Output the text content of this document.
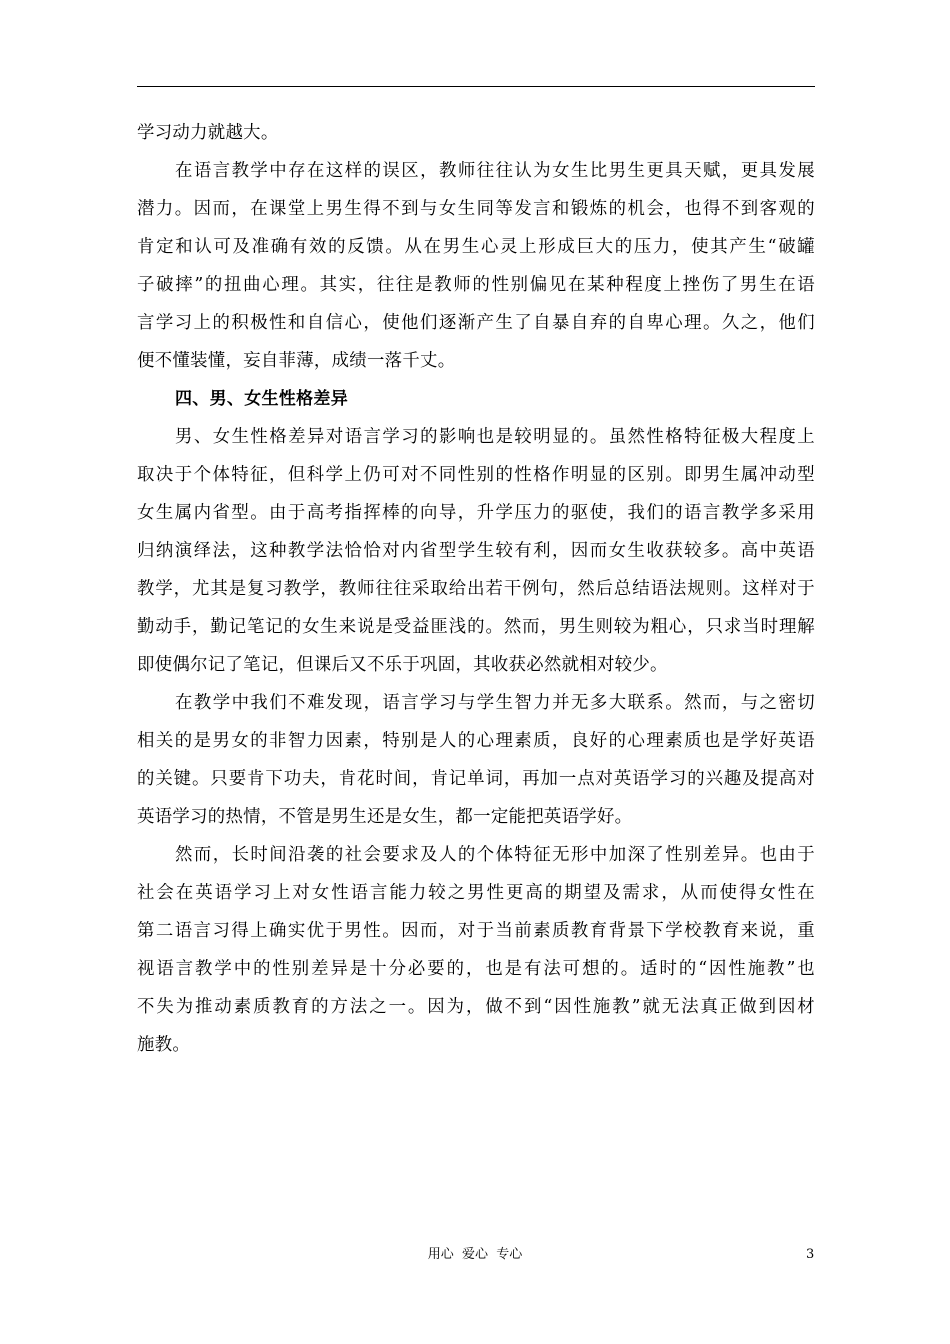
学习动力就越大。
在语言教学中存在这样的误区，教师往往认为女生比男生更具天赋，更具发展
潜力。因而，在课堂上男生得不到与女生同等发言和锻炼的机会，也得不到客观的
肯定和认可及准确有效的反馈。从在男生心灵上形成巨大的压力，使其产生“破罐
子破摔”的扭曲心理。其实，往往是教师的性别偏见在某种程度上挫伤了男生在语
言学习上的积极性和自信心，使他们逐渐产生了自暴自弃的自卑心理。久之，他们
便不懂装懂，妄自菲薄，成绩一落千丈。
四、男、女生性格差异
男、女生性格差异对语言学习的影响也是较明显的。虽然性格特征极大程度上
取决于个体特征，但科学上仍可对不同性别的性格作明显的区别。即男生属冲动型
女生属内省型。由于高考指挥棒的向导，升学压力的驱使，我们的语言教学多采用
归纳演绎法，这种教学法恰恰对内省型学生较有利，因而女生收获较多。高中英语
教学，尤其是复习教学，教师往往采取给出若干例句，然后总结语法规则。这样对于
勤动手，勤记笔记的女生来说是受益匪浅的。然而，男生则较为粗心，只求当时理解
即使偶尔记了笔记，但课后又不乐于巩固，其收获必然就相对较少。
在教学中我们不难发现，语言学习与学生智力并无多大联系。然而，与之密切
相关的是男女的非智力因素，特别是人的心理素质，良好的心理素质也是学好英语
的关键。只要肯下功夫，肯花时间，肯记单词，再加一点对英语学习的兴趣及提高对
英语学习的热情，不管是男生还是女生，都一定能把英语学好。
然而，长时间沿袭的社会要求及人的个体特征无形中加深了性别差异。也由于
社会在英语学习上对女性语言能力较之男性更高的期望及需求，从而使得女性在
第二语言习得上确实优于男性。因而，对于当前素质教育背景下学校教育来说，重
视语言教学中的性别差异是十分必要的，也是有法可想的。适时的“因性施教”也
不失为推动素质教育的方法之一。因为，做不到“因性施教”就无法真正做到因材
施教。
用心  爱心  专心	3
